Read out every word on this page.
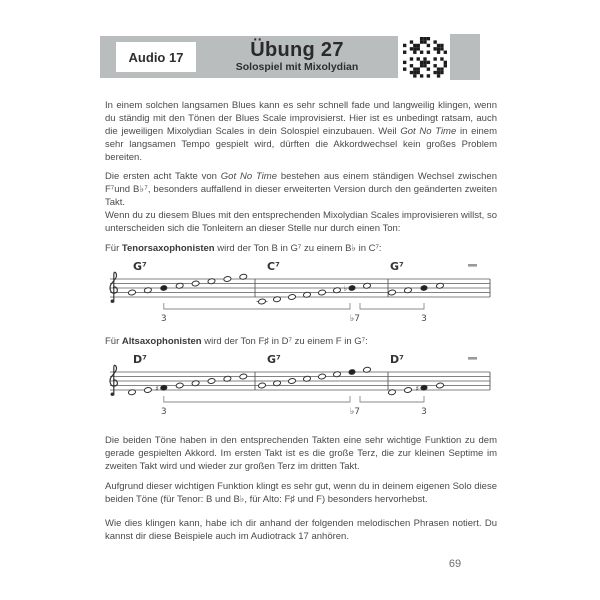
Audio 17	Übung 27
Solospiel mit Mixolydian

In einem solchen langsamen Blues kann es sehr schnell fade und langweilig klingen, wenn du ständig mit den Tönen der Blues Scale improvisierst. Hier ist es unbedingt ratsam, auch die jeweiligen Mixolydian Scales in dein Solospiel einzubauen. Weil Got No Time in einem sehr langsamen Tempo gespielt wird, dürften die Akkordwechsel kein großes Problem bereiten.

Die ersten acht Takte von Got No Time bestehen aus einem ständigen Wechsel zwischen F⁷und B♭⁷, besonders auffallend in dieser erweiterten Version durch den geänderten zweiten Takt.

Wenn du zu diesem Blues mit den entsprechenden Mixolydian Scales improvisieren willst, so unterscheiden sich die Tonleitern an dieser Stelle nur durch einen Ton:

Für Tenorsaxophonisten wird der Ton B in G⁷ zu einem B♭ in C⁷:

G⁷	C⁷
♭
G⁷
3	♭7	3

Für Altsaxophonisten wird der Ton F♯ in D⁷ zu einem F in G⁷:

D⁷
♯
G⁷	D⁷
♯
3	♭7	3

Die beiden Töne haben in den entsprechenden Takten eine sehr wichtige Funktion zu dem gerade gespielten Akkord. Im ersten Takt ist es die große Terz, die zur kleinen Septime im zweiten Takt wird und wieder zur großen Terz im dritten Takt.

Aufgrund dieser wichtigen Funktion klingt es sehr gut, wenn du in deinem eigenen Solo diese beiden Töne (für Tenor: B und B♭, für Alto: F♯ und F) besonders hervorhebst.

Wie dies klingen kann, habe ich dir anhand der folgenden melodischen Phrasen notiert. Du kannst dir diese Beispiele auch im Audiotrack 17 anhören.

69
